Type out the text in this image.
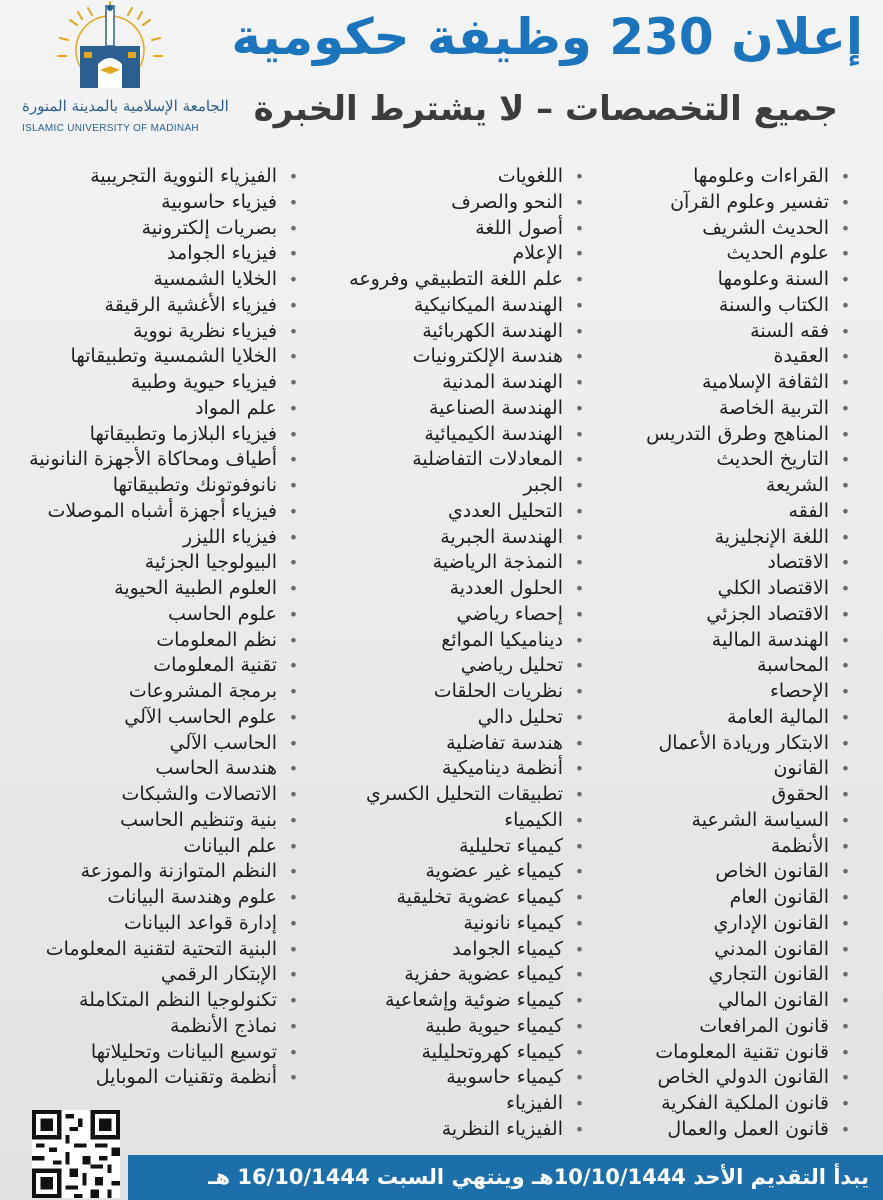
الجامعة الإسلامية بالمدينة المنورة
ISLAMIC UNIVERSITY OF MADINAH
إعلان 230 وظيفة حكومية
جميع التخصصات – لا يشترط الخبرة
• القراءات وعلومها
• تفسير وعلوم القرآن
• الحديث الشريف
• علوم الحديث
• السنة وعلومها
• الكتاب والسنة
• فقه السنة
• العقيدة
• الثقافة الإسلامية
• التربية الخاصة
• المناهج وطرق التدريس
• التاريخ الحديث
• الشريعة
• الفقه
• اللغة الإنجليزية
• الاقتصاد
• الاقتصاد الكلي
• الاقتصاد الجزئي
• الهندسة المالية
• المحاسبة
• الإحصاء
• المالية العامة
• الابتكار وريادة الأعمال
• القانون
• الحقوق
• السياسة الشرعية
• الأنظمة
• القانون الخاص
• القانون العام
• القانون الإداري
• القانون المدني
• القانون التجاري
• القانون المالي
• قانون المرافعات
• قانون تقنية المعلومات
• القانون الدولي الخاص
• قانون الملكية الفكرية
• قانون العمل والعمال
• اللغويات
• النحو والصرف
• أصول اللغة
• الإعلام
• علم اللغة التطبيقي وفروعه
• الهندسة الميكانيكية
• الهندسة الكهربائية
• هندسة الإلكترونيات
• الهندسة المدنية
• الهندسة الصناعية
• الهندسة الكيميائية
• المعادلات التفاضلية
• الجبر
• التحليل العددي
• الهندسة الجبرية
• النمذجة الرياضية
• الحلول العددية
• إحصاء رياضي
• ديناميكيا الموائع
• تحليل رياضي
• نظريات الحلقات
• تحليل دالي
• هندسة تفاضلية
• أنظمة ديناميكية
• تطبيقات التحليل الكسري
• الكيمياء
• كيمياء تحليلية
• كيمياء غير عضوية
• كيمياء عضوية تخليقية
• كيمياء نانونية
• كيمياء الجوامد
• كيمياء عضوية حفزية
• كيمياء ضوئية وإشعاعية
• كيمياء حيوية طبية
• كيمياء كهروتحليلية
• كيمياء حاسوبية
• الفيزياء
• الفيزياء النظرية
• الفيزياء النووية التجريبية
• فيزياء حاسوبية
• بصريات إلكترونية
• فيزياء الجوامد
• الخلايا الشمسية
• فيزياء الأغشية الرقيقة
• فيزياء نظرية نووية
• الخلايا الشمسية وتطبيقاتها
• فيزياء حيوية وطبية
• علم المواد
• فيزياء البلازما وتطبيقاتها
• أطياف ومحاكاة الأجهزة النانونية
• نانوفوتونك وتطبيقاتها
• فيزياء أجهزة أشباه الموصلات
• فيزياء الليزر
• البيولوجيا الجزئية
• العلوم الطبية الحيوية
• علوم الحاسب
• نظم المعلومات
• تقنية المعلومات
• برمجة المشروعات
• علوم الحاسب الآلي
• الحاسب الآلي
• هندسة الحاسب
• الاتصالات والشبكات
• بنية وتنظيم الحاسب
• علم البيانات
• النظم المتوازنة والموزعة
• علوم وهندسة البيانات
• إدارة قواعد البيانات
• البنية التحتية لتقنية المعلومات
• الإبتكار الرقمي
• تكنولوجيا النظم المتكاملة
• نماذج الأنظمة
• توسيع البيانات وتحليلاتها
• أنظمة وتقنيات الموبايل
يبدأ التقديم الأحد 10/10/1444هـ وينتهي السبت 16/10/1444 هـ
